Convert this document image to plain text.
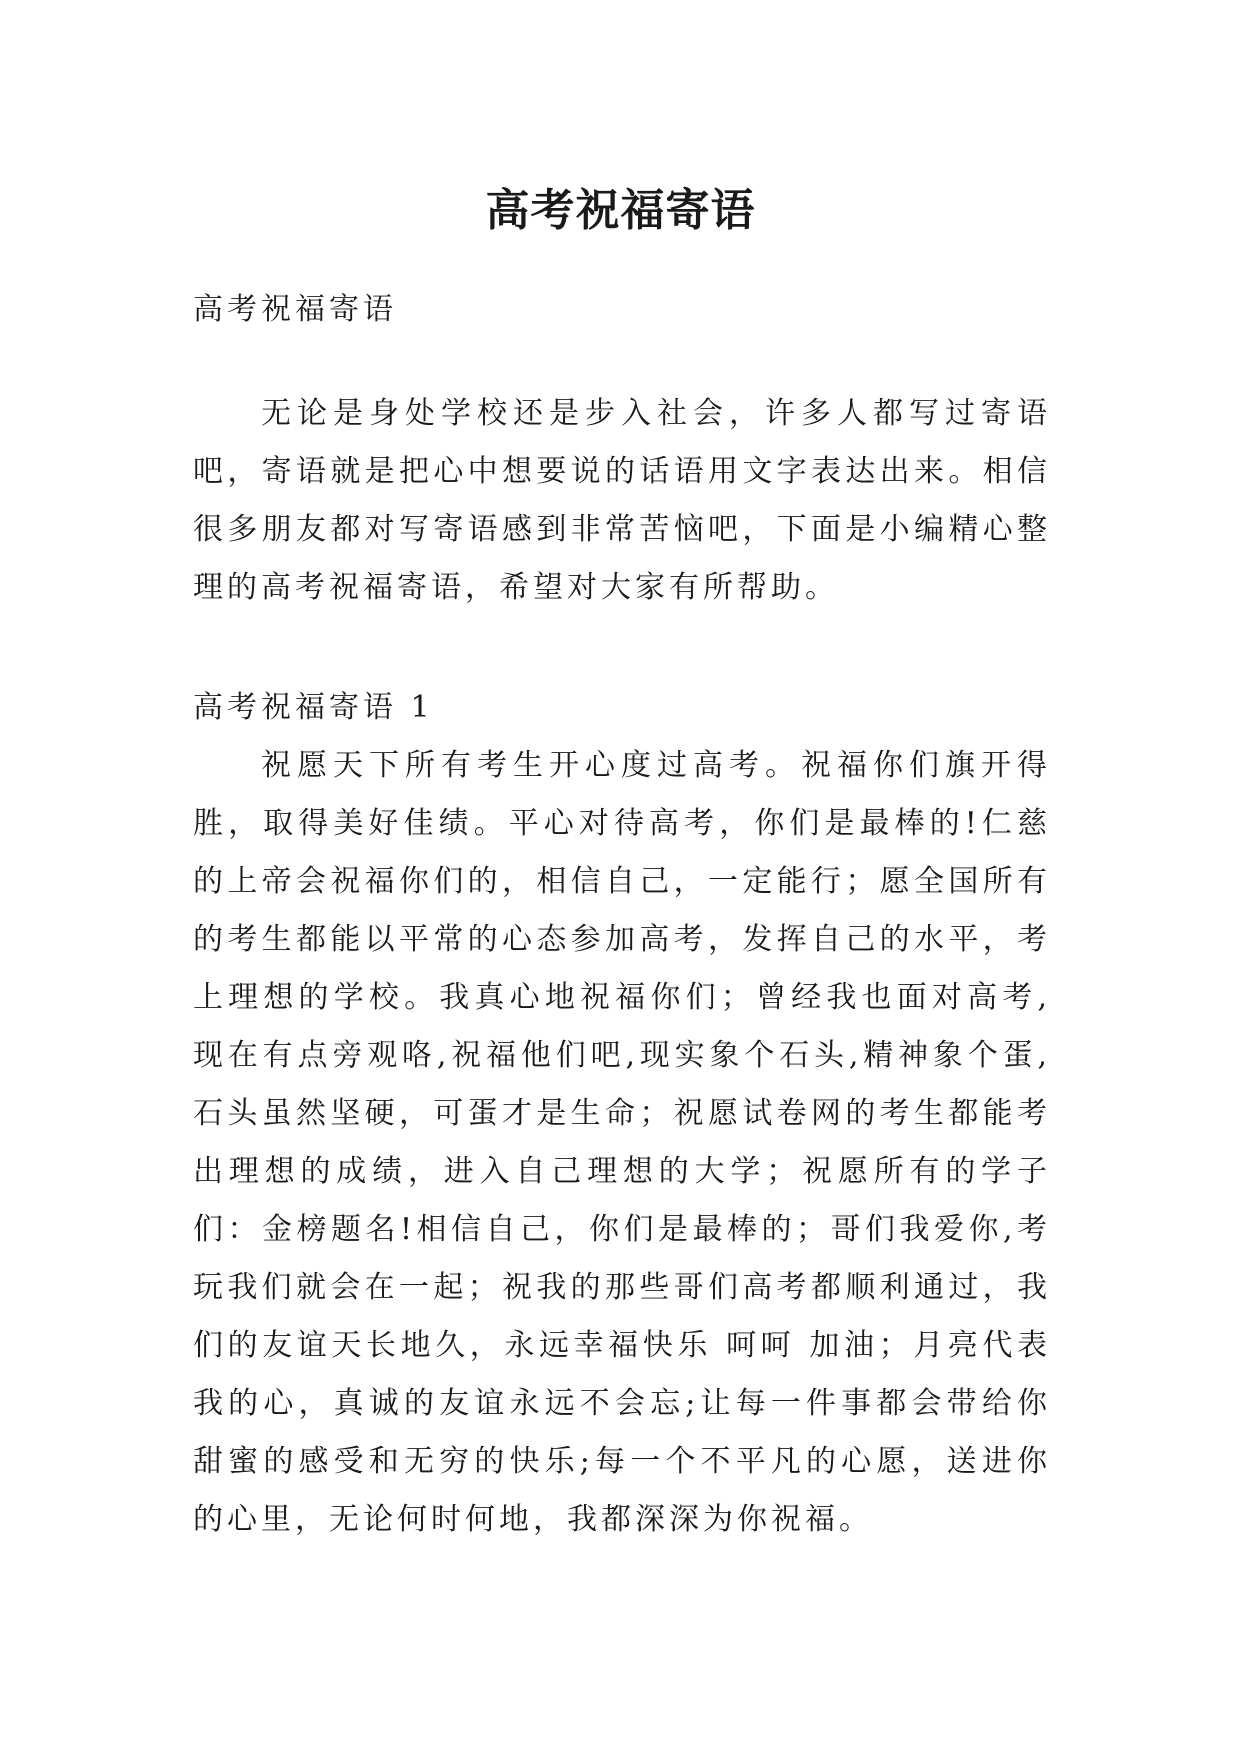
高考祝福寄语

高考祝福寄语

无论是身处学校还是步入社会，许多人都写过寄语吧，寄语就是把心中想要说的话语用文字表达出来。相信很多朋友都对写寄语感到非常苦恼吧，下面是小编精心整理的高考祝福寄语，希望对大家有所帮助。

高考祝福寄语 1

祝愿天下所有考生开心度过高考。祝福你们旗开得胜，取得美好佳绩。平心对待高考，你们是最棒的!仁慈的上帝会祝福你们的，相信自己，一定能行；愿全国所有的考生都能以平常的心态参加高考，发挥自己的水平，考上理想的学校。我真心地祝福你们；曾经我也面对高考,现在有点旁观咯,祝福他们吧,现实象个石头,精神象个蛋,石头虽然坚硬，可蛋才是生命；祝愿试卷网的考生都能考出理想的成绩，进入自己理想的大学；祝愿所有的学子们：金榜题名!相信自己，你们是最棒的；哥们我爱你,考玩我们就会在一起；祝我的那些哥们高考都顺利通过，我们的友谊天长地久，永远幸福快乐 呵呵 加油；月亮代表我的心，真诚的友谊永远不会忘;让每一件事都会带给你甜蜜的感受和无穷的快乐;每一个不平凡的心愿，送进你的心里，无论何时何地，我都深深为你祝福。
